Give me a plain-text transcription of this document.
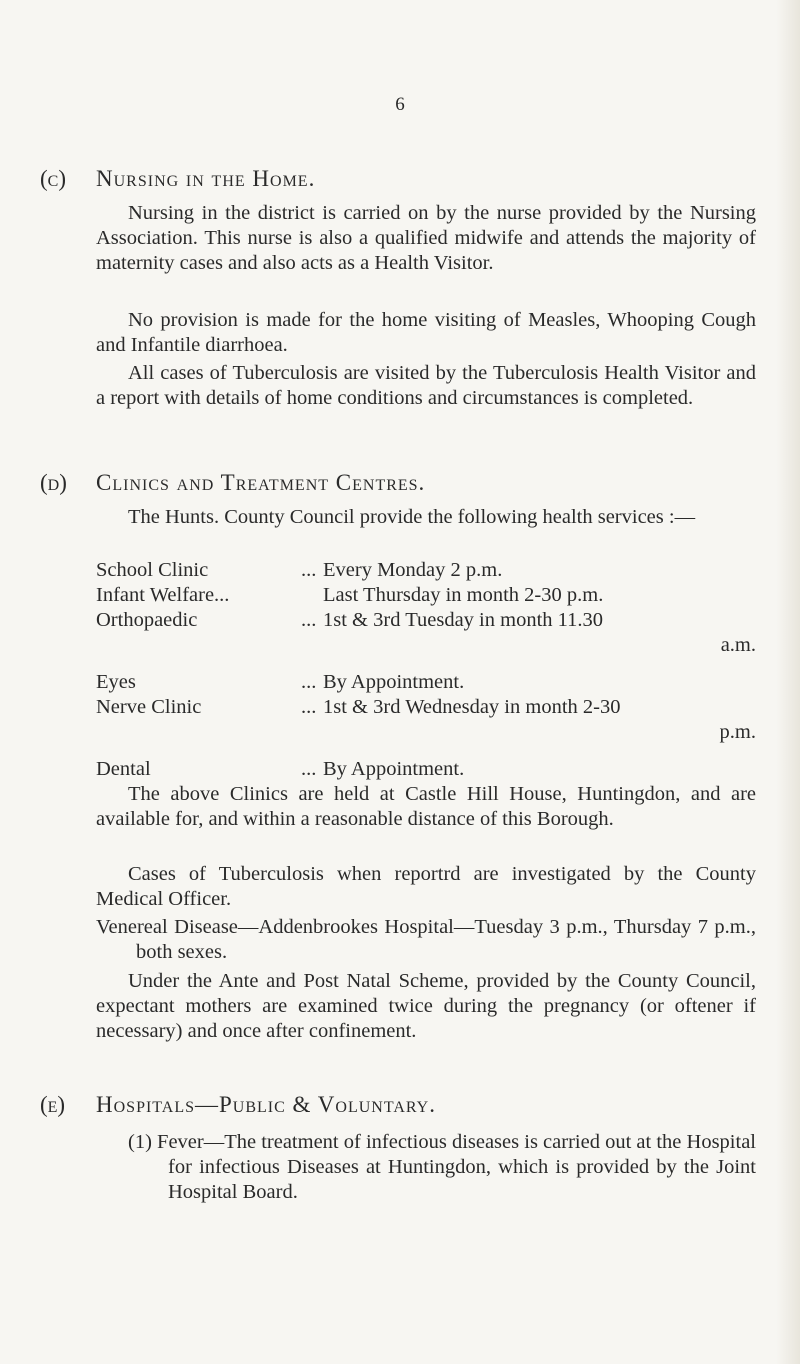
6
(c) Nursing in the Home.

Nursing in the district is carried on by the nurse provided by the Nursing Association. This nurse is also a qualified midwife and attends the majority of maternity cases and also acts as a Health Visitor.

No provision is made for the home visiting of Measles, Whooping Cough and Infantile diarrhoea.

All cases of Tuberculosis are visited by the Tuberculosis Health Visitor and a report with details of home conditions and circumstances is completed.

(d) Clinics and Treatment Centres.

The Hunts. County Council provide the following health services :—

School Clinic	... Every Monday 2 p.m.
Infant Welfare...	Last Thursday in month 2-30 p.m.
Orthopaedic	... 1st & 3rd Tuesday in month 11.30
a.m.
Eyes	... By Appointment.
Nerve Clinic	... 1st & 3rd Wednesday in month 2-30
p.m.
Dental	... By Appointment.

The above Clinics are held at Castle Hill House, Huntingdon, and are available for, and within a reasonable distance of this Borough.

Cases of Tuberculosis when reportrd are investigated by the County Medical Officer.

Venereal Disease—Addenbrookes Hospital—Tuesday 3 p.m., Thursday 7 p.m., both sexes.

Under the Ante and Post Natal Scheme, provided by the County Council, expectant mothers are examined twice during the pregnancy (or oftener if necessary) and once after confinement.

(e) Hospitals—Public & Voluntary.

(1) Fever—The treatment of infectious diseases is carried out at the Hospital for infectious Diseases at Huntingdon, which is provided by the Joint Hospital Board.
